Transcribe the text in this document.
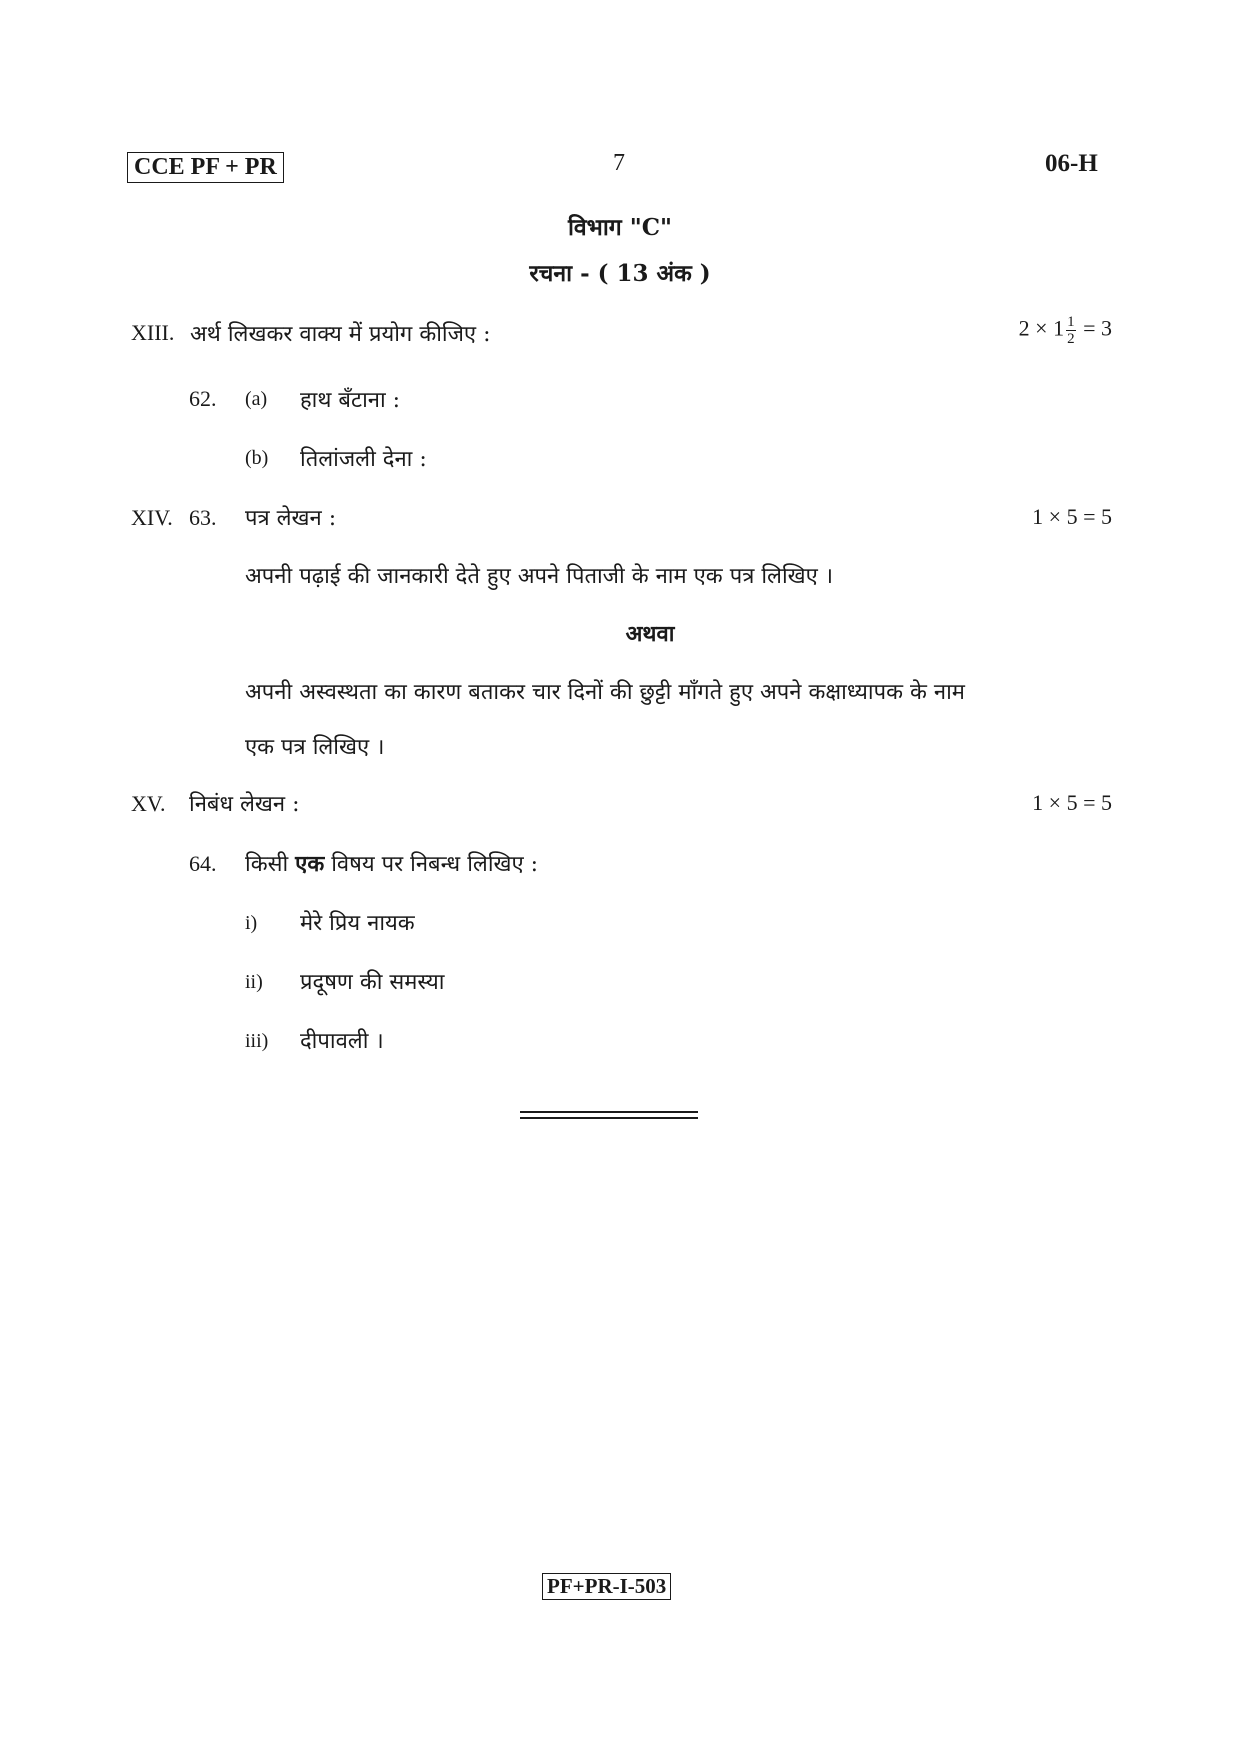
CCE PF + PR	7	06-H
विभाग "C"
रचना - ( 13 अंक )
XIII. अर्थ लिखकर वाक्य में प्रयोग कीजिए :	$2 \times 1 \frac{1}{2} = 3$
62. (a) हाथ बँटाना :
(b) तिलांजली देना :
XIV. 63. पत्र लेखन :	1 × 5 = 5
अपनी पढ़ाई की जानकारी देते हुए अपने पिताजी के नाम एक पत्र लिखिए ।
अथवा
अपनी अस्वस्थता का कारण बताकर चार दिनों की छुट्टी माँगते हुए अपने कक्षाध्यापक के नाम
एक पत्र लिखिए ।
XV. निबंध लेखन :	1 × 5 = 5
64. किसी एक विषय पर निबन्ध लिखिए :
i) मेरे प्रिय नायक
ii) प्रदूषण की समस्या
iii) दीपावली ।
PF+PR-I-503
